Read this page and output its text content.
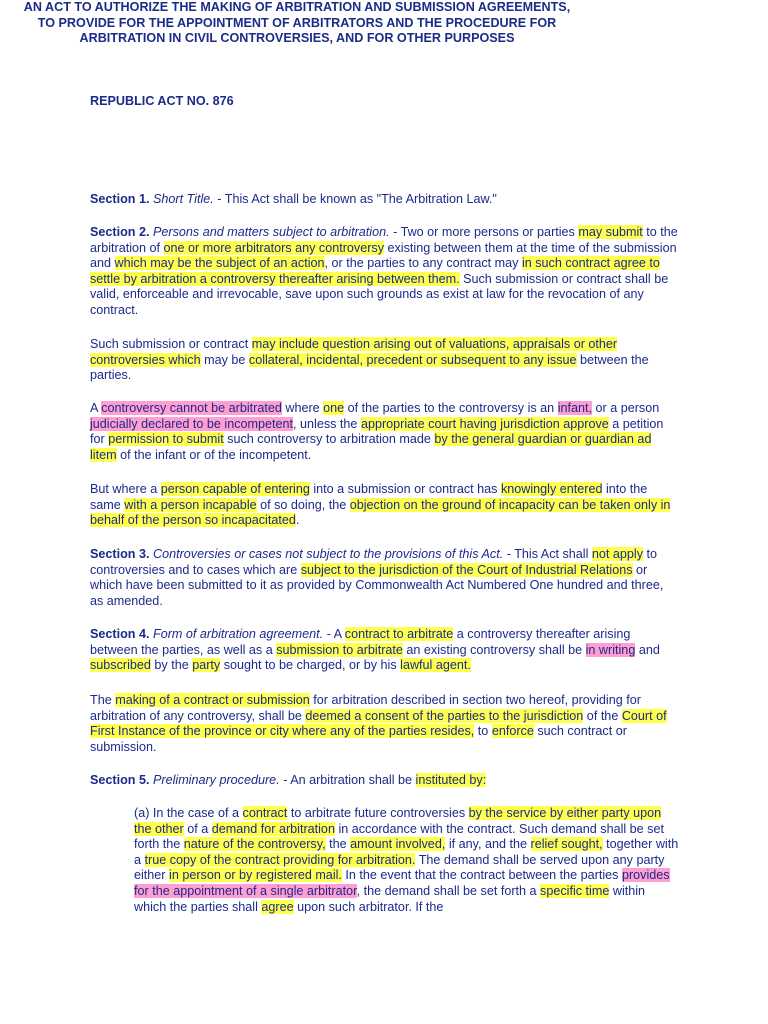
REPUBLIC ACT NO. 876
AN ACT TO AUTHORIZE THE MAKING OF ARBITRATION AND SUBMISSION AGREEMENTS,
TO PROVIDE FOR THE APPOINTMENT OF ARBITRATORS AND THE PROCEDURE FOR
ARBITRATION IN CIVIL CONTROVERSIES, AND FOR OTHER PURPOSES
Section 1. Short Title. - This Act shall be known as "The Arbitration Law."
Section 2. Persons and matters subject to arbitration. - Two or more persons or parties may submit to the arbitration of one or more arbitrators any controversy existing between them at the time of the submission and which may be the subject of an action, or the parties to any contract may in such contract agree to settle by arbitration a controversy thereafter arising between them. Such submission or contract shall be valid, enforceable and irrevocable, save upon such grounds as exist at law for the revocation of any contract.
Such submission or contract may include question arising out of valuations, appraisals or other controversies which may be collateral, incidental, precedent or subsequent to any issue between the parties.
A controversy cannot be arbitrated where one of the parties to the controversy is an infant, or a person judicially declared to be incompetent, unless the appropriate court having jurisdiction approve a petition for permission to submit such controversy to arbitration made by the general guardian or guardian ad litem of the infant or of the incompetent.
But where a person capable of entering into a submission or contract has knowingly entered into the same with a person incapable of so doing, the objection on the ground of incapacity can be taken only in behalf of the person so incapacitated.
Section 3. Controversies or cases not subject to the provisions of this Act. - This Act shall not apply to controversies and to cases which are subject to the jurisdiction of the Court of Industrial Relations or which have been submitted to it as provided by Commonwealth Act Numbered One hundred and three, as amended.
Section 4. Form of arbitration agreement. - A contract to arbitrate a controversy thereafter arising between the parties, as well as a submission to arbitrate an existing controversy shall be in writing and subscribed by the party sought to be charged, or by his lawful agent.
The making of a contract or submission for arbitration described in section two hereof, providing for arbitration of any controversy, shall be deemed a consent of the parties to the jurisdiction of the Court of First Instance of the province or city where any of the parties resides, to enforce such contract or submission.
Section 5. Preliminary procedure. - An arbitration shall be instituted by:
(a) In the case of a contract to arbitrate future controversies by the service by either party upon the other of a demand for arbitration in accordance with the contract. Such demand shall be set forth the nature of the controversy, the amount involved, if any, and the relief sought, together with a true copy of the contract providing for arbitration. The demand shall be served upon any party either in person or by registered mail. In the event that the contract between the parties provides for the appointment of a single arbitrator, the demand shall be set forth a specific time within which the parties shall agree upon such arbitrator. If the
